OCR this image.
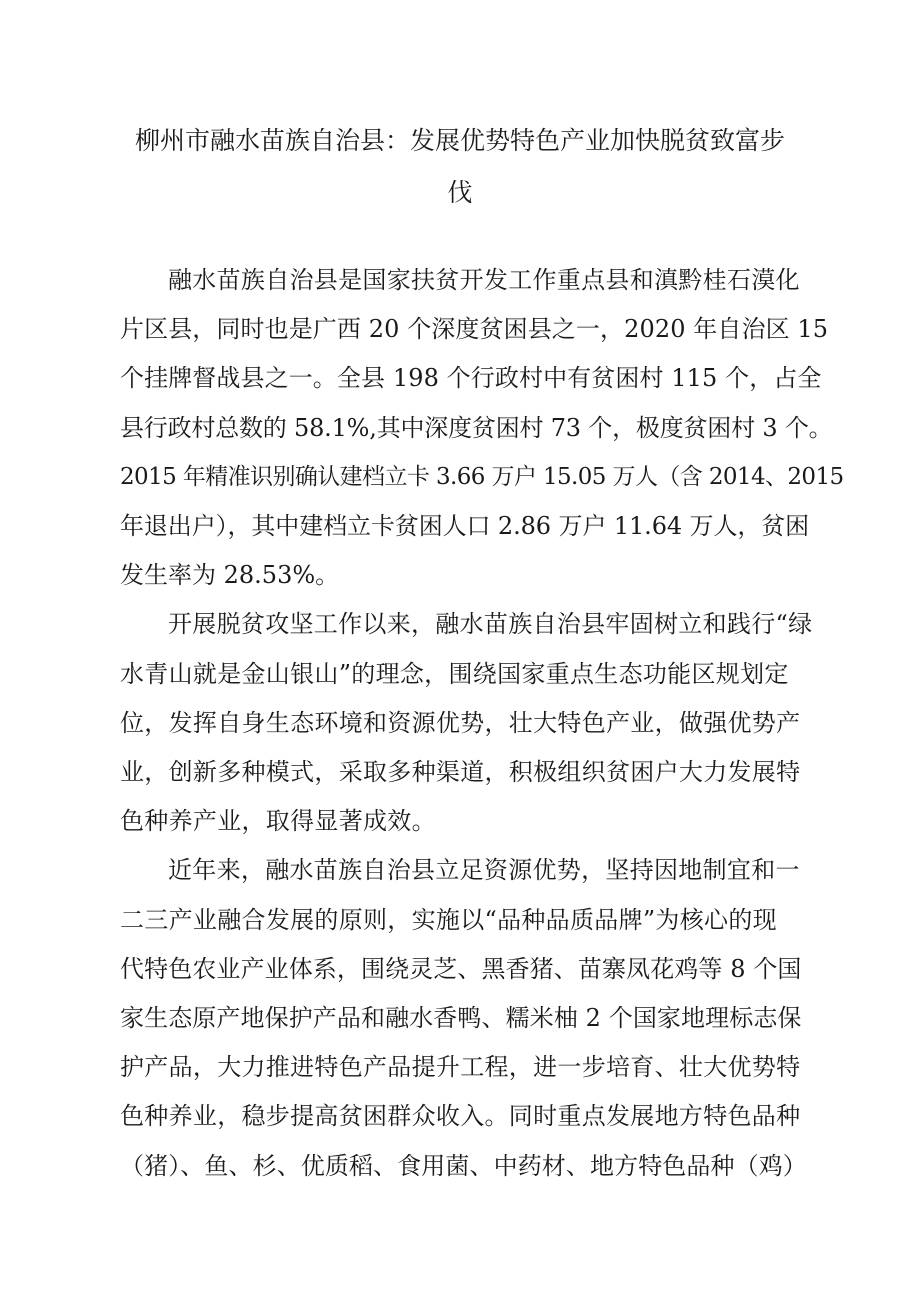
柳州市融水苗族自治县：发展优势特色产业加快脱贫致富步
伐
融水苗族自治县是国家扶贫开发工作重点县和滇黔桂石漠化
片区县，同时也是广西 20 个深度贫困县之一，2020 年自治区 15
个挂牌督战县之一。全县 198 个行政村中有贫困村 115 个，占全
县行政村总数的 58.1%,其中深度贫困村 73 个，极度贫困村 3 个。
2015 年精准识别确认建档立卡 3.66 万户 15.05 万人（含 2014、2015
年退出户），其中建档立卡贫困人口 2.86 万户 11.64 万人，贫困
发生率为 28.53%。
开展脱贫攻坚工作以来，融水苗族自治县牢固树立和践行“绿
水青山就是金山银山”的理念，围绕国家重点生态功能区规划定
位，发挥自身生态环境和资源优势，壮大特色产业，做强优势产
业，创新多种模式，采取多种渠道，积极组织贫困户大力发展特
色种养产业，取得显著成效。
近年来，融水苗族自治县立足资源优势，坚持因地制宜和一
二三产业融合发展的原则，实施以“品种品质品牌”为核心的现
代特色农业产业体系，围绕灵芝、黑香猪、苗寨凤花鸡等 8 个国
家生态原产地保护产品和融水香鸭、糯米柚 2 个国家地理标志保
护产品，大力推进特色产品提升工程，进一步培育、壮大优势特
色种养业，稳步提高贫困群众收入。同时重点发展地方特色品种
（猪）、鱼、杉、优质稻、食用菌、中药材、地方特色品种（鸡）
